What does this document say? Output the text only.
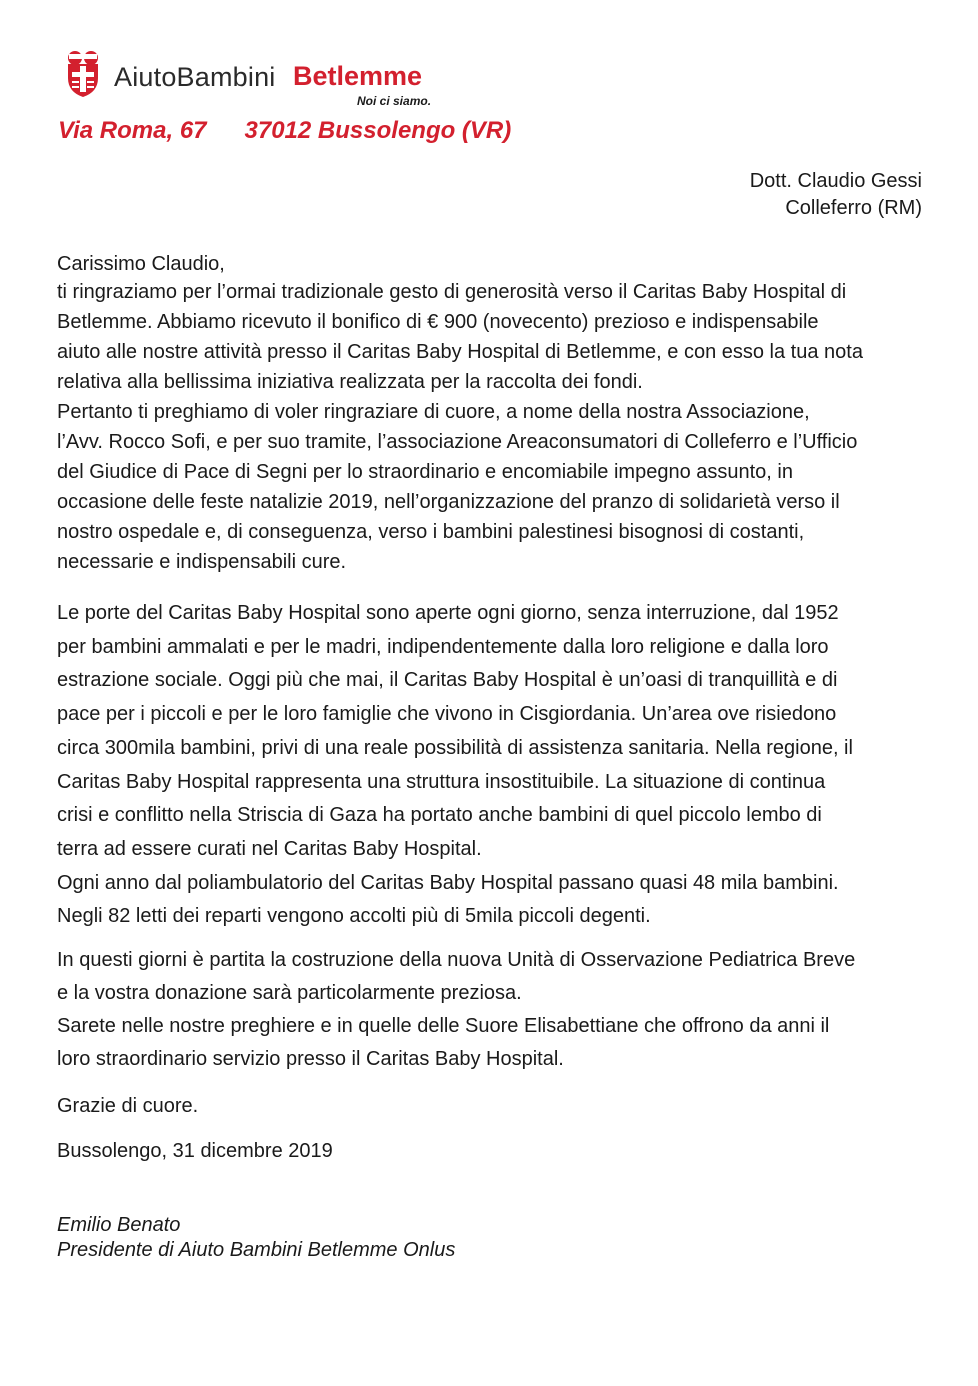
AiutoBambini Betlemme
Noi ci siamo.
Via Roma, 67 37012 Bussolengo (VR)
Dott. Claudio Gessi
Colleferro (RM)
Carissimo Claudio,
ti ringraziamo per l’ormai tradizionale gesto di generosità verso il Caritas Baby Hospital di
Betlemme. Abbiamo ricevuto il bonifico di € 900 (novecento) prezioso e indispensabile
aiuto alle nostre attività presso il Caritas Baby Hospital di Betlemme, e con esso la tua nota
relativa alla bellissima iniziativa realizzata per la raccolta dei fondi.
Pertanto ti preghiamo di voler ringraziare di cuore, a nome della nostra Associazione,
l’Avv. Rocco Sofi, e per suo tramite, l’associazione Areaconsumatori di Colleferro e l’Ufficio
del Giudice di Pace di Segni per lo straordinario e encomiabile impegno assunto, in
occasione delle feste natalizie 2019, nell’organizzazione del pranzo di solidarietà verso il
nostro ospedale e, di conseguenza, verso i bambini palestinesi bisognosi di costanti,
necessarie e indispensabili cure.
Le porte del Caritas Baby Hospital sono aperte ogni giorno, senza interruzione, dal 1952
per bambini ammalati e per le madri, indipendentemente dalla loro religione e dalla loro
estrazione sociale. Oggi più che mai, il Caritas Baby Hospital è un’oasi di tranquillità e di
pace per i piccoli e per le loro famiglie che vivono in Cisgiordania. Un’area ove risiedono
circa 300mila bambini, privi di una reale possibilità di assistenza sanitaria. Nella regione, il
Caritas Baby Hospital rappresenta una struttura insostituibile. La situazione di continua
crisi e conflitto nella Striscia di Gaza ha portato anche bambini di quel piccolo lembo di
terra ad essere curati nel Caritas Baby Hospital.
Ogni anno dal poliambulatorio del Caritas Baby Hospital passano quasi 48 mila bambini.
Negli 82 letti dei reparti vengono accolti più di 5mila piccoli degenti.
In questi giorni è partita la costruzione della nuova Unità di Osservazione Pediatrica Breve
e la vostra donazione sarà particolarmente preziosa.
Sarete nelle nostre preghiere e in quelle delle Suore Elisabettiane che offrono da anni il
loro straordinario servizio presso il Caritas Baby Hospital.
Grazie di cuore.
Bussolengo, 31 dicembre 2019
Emilio Benato
Presidente di Aiuto Bambini Betlemme Onlus
